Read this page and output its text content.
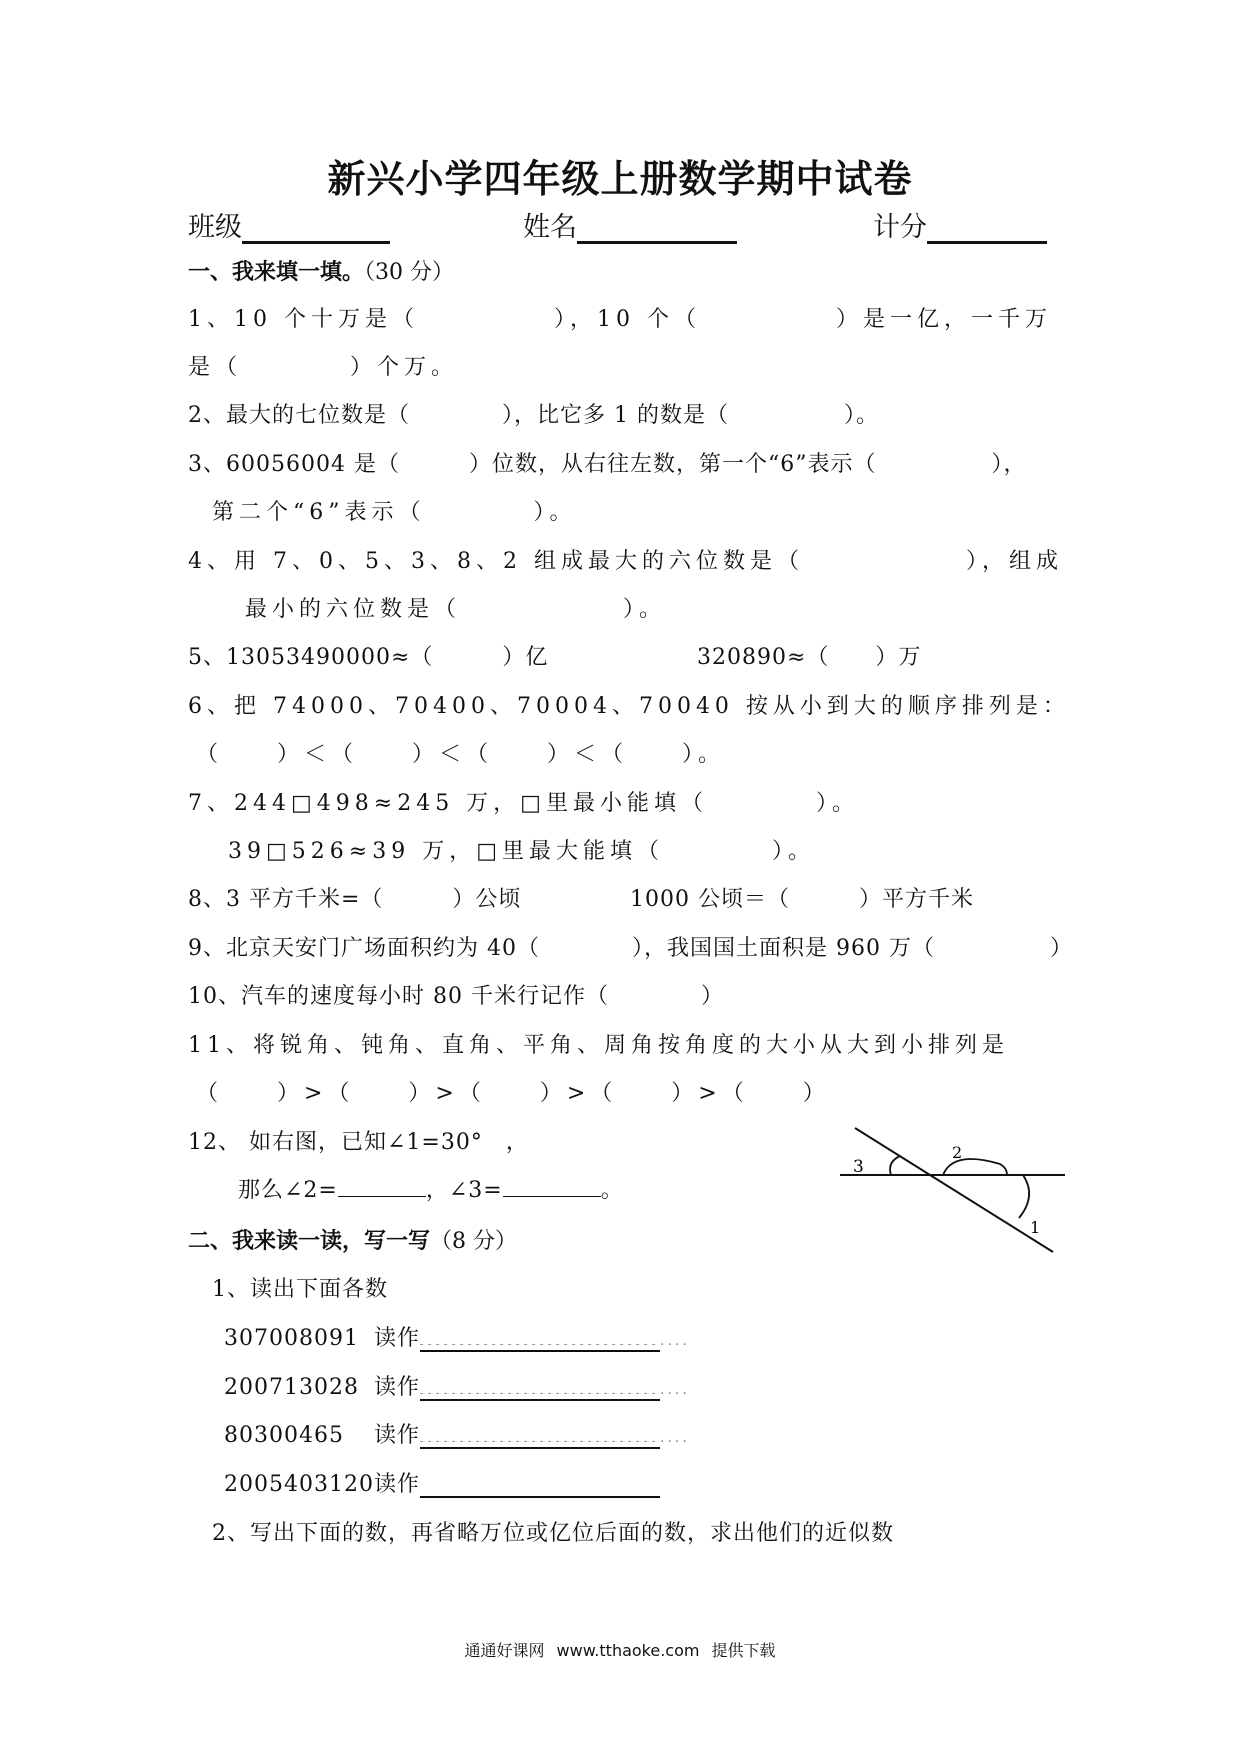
新兴小学四年级上册数学期中试卷
班级	姓名	计分
一、我来填一填。（30 分）
1、10 个十万是（　　　　　），10 个（　　　　　）是一亿，一千万
是（　　　　）个万。
2、最大的七位数是（　　　　），比它多 1 的数是（　　　　　）。
3、60056004 是（　　　）位数，从右往左数，第一个“6”表示（　　　　　），
第二个“6”表示（　　　　）。
4、用 7、0、5、3、8、2 组成最大的六位数是（　　　　　　），组成
最小的六位数是（　　　　　　）。
5、13053490000≈（　　　）亿	320890≈（　　）万
6、把 74000、70400、70004、70040 按从小到大的顺序排列是：
（　　）＜（　　）＜（　　）＜（　　）。
7、244□498≈245 万，□里最小能填（　　　　）。
39□526≈39 万，□里最大能填（　　　　）。
8、3 平方千米=（　　　）公顷	1000 公顷＝（　　　）平方千米
9、北京天安门广场面积约为 40（　　　　），我国国土面积是 960 万（　　　　　）
10、汽车的速度每小时 80 千米行记作（　　　　）
11、将锐角、钝角、直角、平角、周角按角度的大小从大到小排列是
（　　）>（　　）>（　　）>（　　）>（　　）
12、 如右图，已知∠1=30°　，
那么∠2=	，∠3=	。
3
2
1
二、我来读一读，写一写（8 分）
1、读出下面各数
307008091 读作	....
200713028 读作	....
80300465 读作	....
2005403120读作
2、写出下面的数，再省略万位或亿位后面的数，求出他们的近似数
通通好课网 www.tthaoke.com 提供下载
